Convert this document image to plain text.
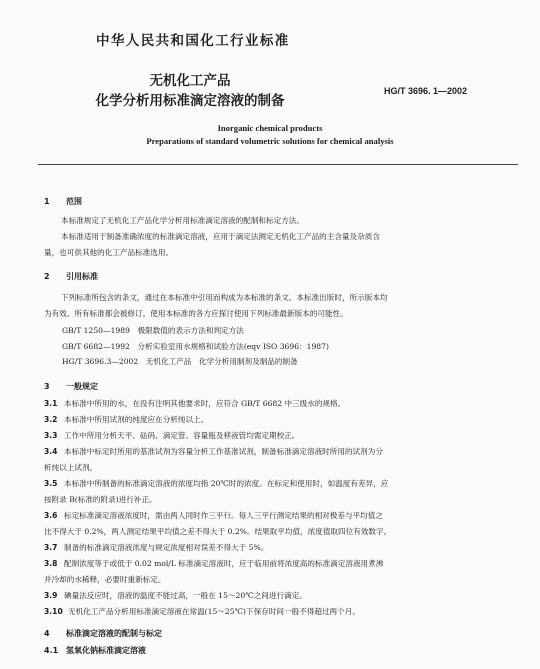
中华人民共和国化工行业标准
无机化工产品
化学分析用标准滴定溶液的制备
HG/T 3696. 1—2002
Inorganic chemical products
Preparations of standard volumetric solutions for chemical analysis
1 范围
本标准规定了无机化工产品化学分析用标准滴定溶液的配制和标定方法。
本标准适用于制备准确浓度的标准滴定溶液，应用于滴定法测定无机化工产品的主含量及杂质含
量，也可供其他的化工产品标准选用。
2 引用标准
下列标准所包含的条文，通过在本标准中引用而构成为本标准的条文。本标准出版时，所示版本均
为有效。所有标准都会被修订，使用本标准的各方应探讨使用下列标准最新版本的可能性。
GB/T 1250—1989　极限数值的表示方法和判定方法
GB/T 6682—1992　分析实验室用水规格和试验方法(eqv ISO 3696：1987)
HG/T 3696.3—2002　无机化工产品　化学分析用制剂及制品的制备
3 一般规定
3.1 本标准中所用的水，在没有注明其他要求时，应符合 GB/T 6682 中三级水的规格。
3.2 本标准中所用试剂的纯度应在分析纯以上。
3.3 工作中所用分析天平、砝码、滴定管、容量瓶及移液管均需定期校正。
3.4 本标准中标定时所用的基准试剂为容量分析工作基准试剂，制备标准滴定溶液时所用的试剂为分
析纯以上试剂。
3.5 本标准中所制备的标准滴定溶液的浓度均指 20℃时的浓度。在标定和使用时，如温度有差异，应
按附录 B(标准的附录)进行补正。
3.6 标定标准滴定溶液浓度时，需由两人同时作三平行。每人三平行测定结果的相对极差与平均值之
比不得大于 0.2%，两人测定结果平均值之差不得大于 0.2%。结果取平均值，浓度值取四位有效数字。
3.7 制备的标准滴定溶液浓度与规定浓度相对误差不得大于 5%。
3.8 配制浓度等于或低于 0.02 mol/L 标准滴定溶液时，应于临用前将浓度高的标准滴定溶液用煮沸
并冷却的水稀释，必要时重新标定。
3.9 碘量法反应时，溶液的温度不能过高，一般在 15～20℃之间进行滴定。
3.10 无机化工产品分析用标准滴定溶液在常温(15～25℃)下保存时间一般不得超过两个月。
4 标准滴定溶液的配制与标定
4.1 氢氧化钠标准滴定溶液
